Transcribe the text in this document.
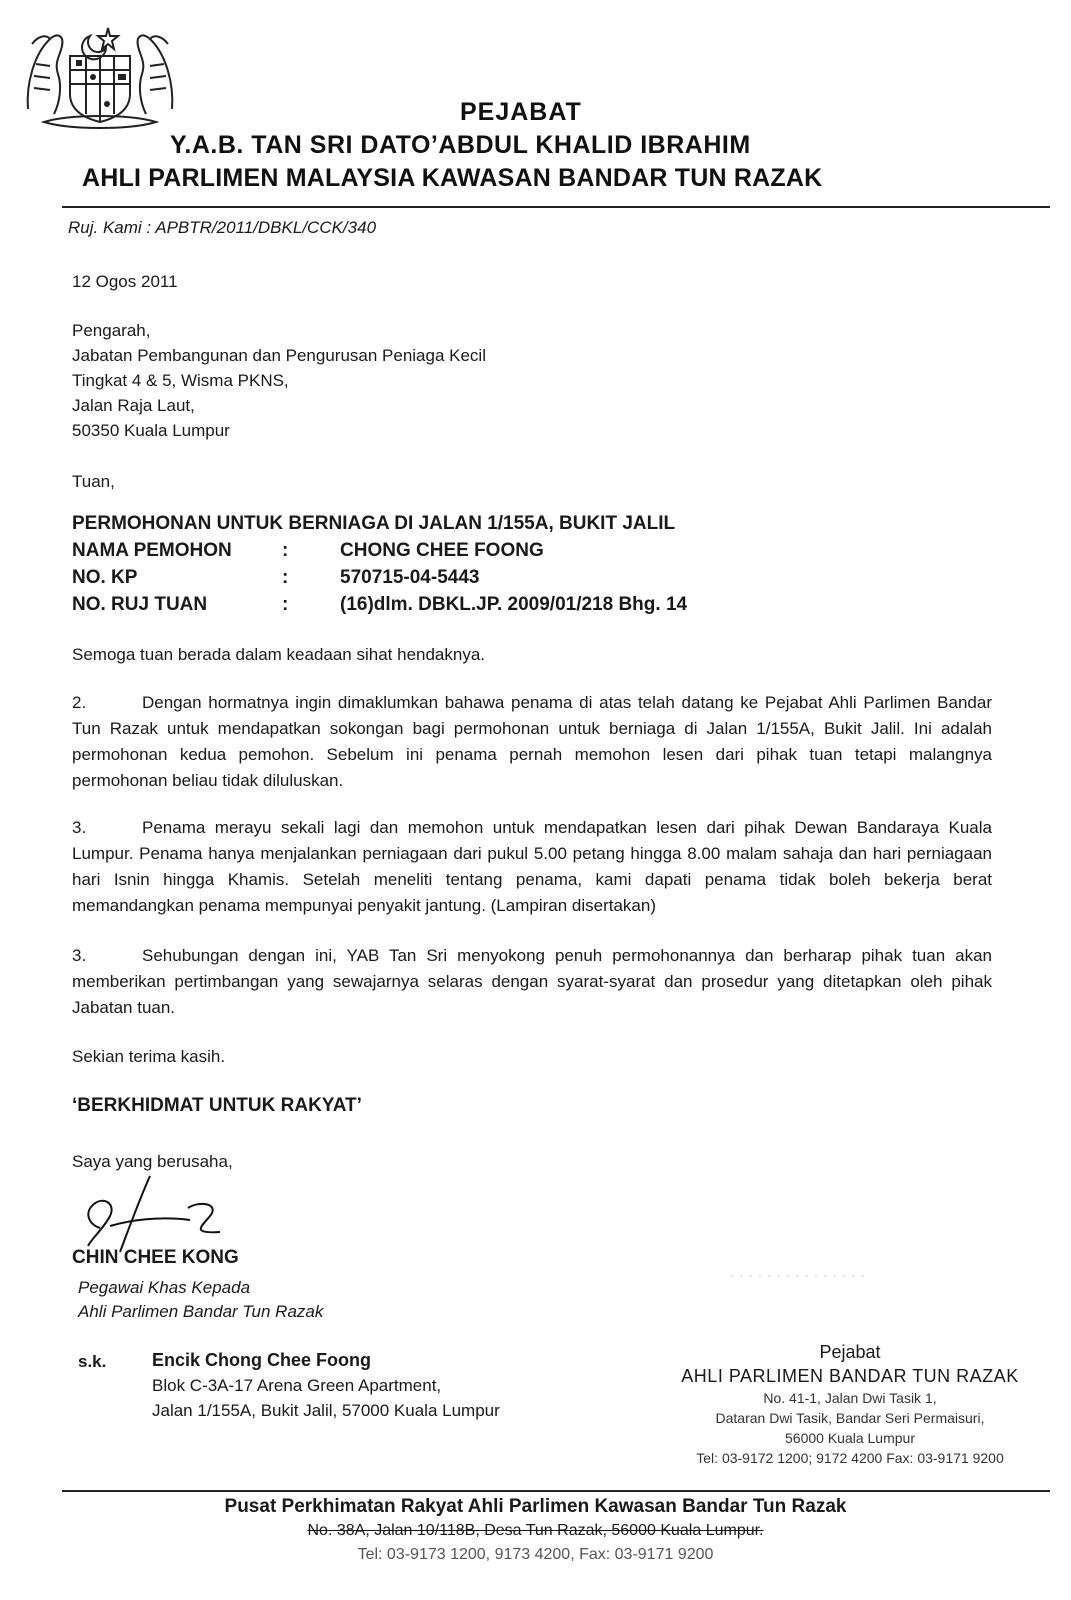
PEJABAT
Y.A.B. TAN SRI DATO’ABDUL KHALID IBRAHIM
AHLI PARLIMEN MALAYSIA KAWASAN BANDAR TUN RAZAK
Ruj. Kami : APBTR/2011/DBKL/CCK/340
12 Ogos 2011
Pengarah,
Jabatan Pembangunan dan Pengurusan Peniaga Kecil
Tingkat 4 & 5, Wisma PKNS,
Jalan Raja Laut,
50350 Kuala Lumpur
Tuan,
PERMOHONAN UNTUK BERNIAGA DI JALAN 1/155A, BUKIT JALIL
NAMA PEMOHON	:	CHONG CHEE FOONG
NO. KP	:	570715-04-5443
NO. RUJ TUAN	:	(16)dlm. DBKL.JP. 2009/01/218 Bhg. 14
Semoga tuan berada dalam keadaan sihat hendaknya.
2.	Dengan hormatnya ingin dimaklumkan bahawa penama di atas telah datang ke Pejabat Ahli Parlimen Bandar Tun Razak untuk mendapatkan sokongan bagi permohonan untuk berniaga di Jalan 1/155A, Bukit Jalil. Ini adalah permohonan kedua pemohon. Sebelum ini penama pernah memohon lesen dari pihak tuan tetapi malangnya permohonan beliau tidak diluluskan.
3.	Penama merayu sekali lagi dan memohon untuk mendapatkan lesen dari pihak Dewan Bandaraya Kuala Lumpur. Penama hanya menjalankan perniagaan dari pukul 5.00 petang hingga 8.00 malam sahaja dan hari perniagaan hari Isnin hingga Khamis. Setelah meneliti tentang penama, kami dapati penama tidak boleh bekerja berat memandangkan penama mempunyai penyakit jantung. (Lampiran disertakan)
3.	Sehubungan dengan ini, YAB Tan Sri menyokong penuh permohonannya dan berharap pihak tuan akan memberikan pertimbangan yang sewajarnya selaras dengan syarat-syarat dan prosedur yang ditetapkan oleh pihak Jabatan tuan.
Sekian terima kasih.
‘BERKHIDMAT UNTUK RAKYAT’
Saya yang berusaha,
CHIN CHEE KONG
Pegawai Khas Kepada
Ahli Parlimen Bandar Tun Razak
· · · · · · · · · · · · · · ·
s.k.	Encik Chong Chee Foong
Blok C-3A-17 Arena Green Apartment,
Jalan 1/155A, Bukit Jalil, 57000 Kuala Lumpur
Pejabat
AHLI PARLIMEN BANDAR TUN RAZAK
No. 41-1, Jalan Dwi Tasik 1,
Dataran Dwi Tasik, Bandar Seri Permaisuri,
56000 Kuala Lumpur
Tel: 03-9172 1200; 9172 4200 Fax: 03-9171 9200
Pusat Perkhimatan Rakyat Ahli Parlimen Kawasan Bandar Tun Razak
No. 38A, Jalan 10/118B, Desa Tun Razak, 56000 Kuala Lumpur.
Tel: 03-9173 1200, 9173 4200, Fax: 03-9171 9200
